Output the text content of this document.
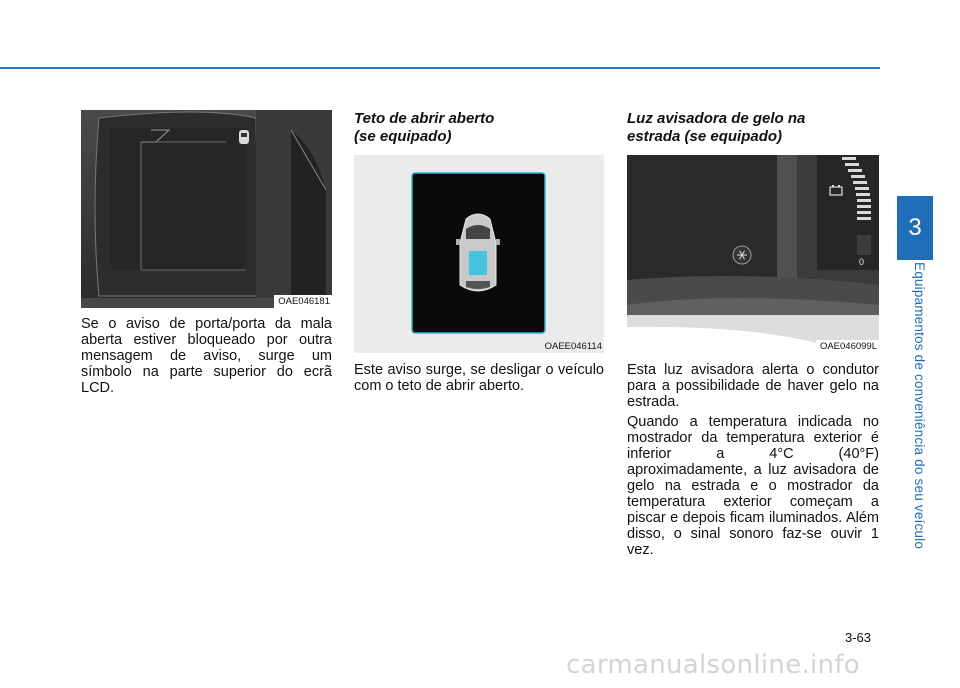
3
Equipamentos de conveniência do seu veículo
OAE046181

Se o aviso de porta/porta da mala aberta estiver bloqueado por outra mensagem de aviso, surge um símbolo na parte superior do ecrã LCD.

Teto de abrir aberto
(se equipado)
OAEE046114

Este aviso surge, se desligar o veículo com o teto de abrir aberto.

Luz avisadora de gelo na
estrada (se equipado)
0
OAE046099L

Esta luz avisadora alerta o condutor para a possibilidade de haver gelo na estrada.

Quando a temperatura indicada no mostrador da temperatura exterior é inferior a 4°C (40°F) aproximadamente, a luz avisadora de gelo na estrada e o mostrador da temperatura exterior começam a piscar e depois ficam iluminados. Além disso, o sinal sonoro faz-se ouvir 1 vez.

3-63
carmanualsonline.info
